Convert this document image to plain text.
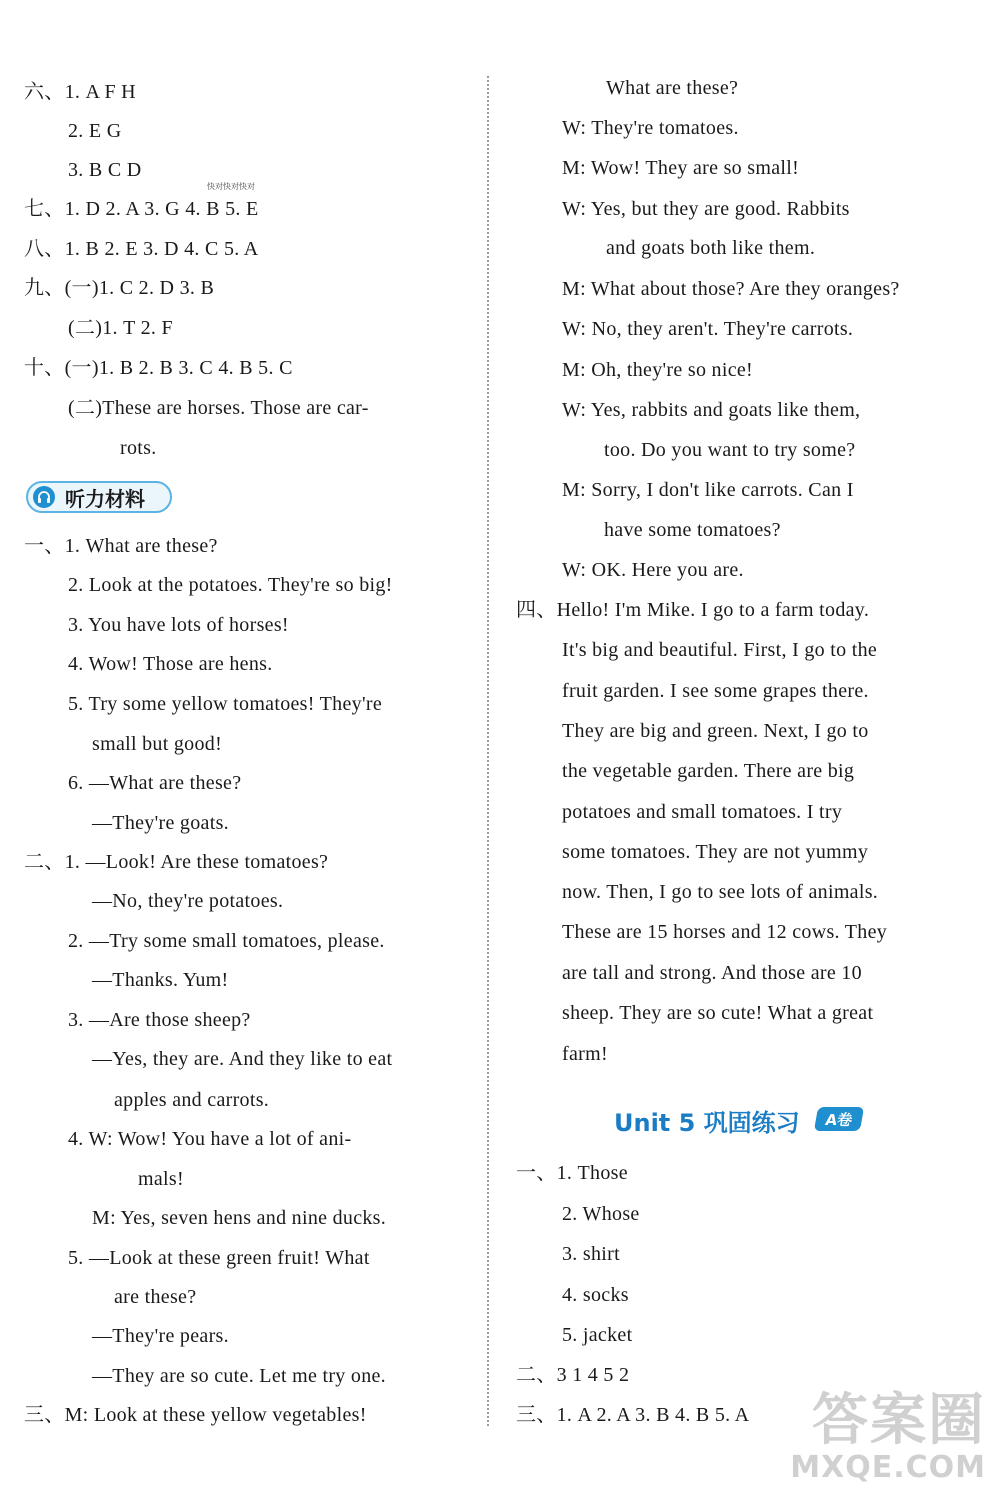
六、1. A F H
2. E G
3. B C D
快对快对快对
七、1. D 2. A 3. G 4. B 5. E
八、1. B 2. E 3. D 4. C 5. A
九、(一)1. C 2. D 3. B
(二)1. T 2. F
十、(一)1. B 2. B 3. C 4. B 5. C
(二)These are horses. Those are car-
rots.
听力材料
一、1. What are these?
2. Look at the potatoes. They're so big!
3. You have lots of horses!
4. Wow! Those are hens.
5. Try some yellow tomatoes! They're
small but good!
6. —What are these?
—They're goats.
二、1. —Look! Are these tomatoes?
—No, they're potatoes.
2. —Try some small tomatoes, please.
—Thanks. Yum!
3. —Are those sheep?
—Yes, they are. And they like to eat
apples and carrots.
4. W: Wow! You have a lot of ani-
mals!
M: Yes, seven hens and nine ducks.
5. —Look at these green fruit! What
are these?
—They're pears.
—They are so cute. Let me try one.
三、M: Look at these yellow vegetables!
What are these?
W: They're tomatoes.
M: Wow! They are so small!
W: Yes, but they are good. Rabbits
and goats both like them.
M: What about those? Are they oranges?
W: No, they aren't. They're carrots.
M: Oh, they're so nice!
W: Yes, rabbits and goats like them,
too. Do you want to try some?
M: Sorry, I don't like carrots. Can I
have some tomatoes?
W: OK. Here you are.
四、Hello! I'm Mike. I go to a farm today.
It's big and beautiful. First, I go to the
fruit garden. I see some grapes there.
They are big and green. Next, I go to
the vegetable garden. There are big
potatoes and small tomatoes. I try
some tomatoes. They are not yummy
now. Then, I go to see lots of animals.
These are 15 horses and 12 cows. They
are tall and strong. And those are 10
sheep. They are so cute! What a great
farm!
一、1. Those
2. Whose
3. shirt
4. socks
5. jacket
二、3 1 4 5 2
三、1. A 2. A 3. B 4. B 5. A
Unit 5 巩固练习	A卷
答案圈
MXQE.COM
